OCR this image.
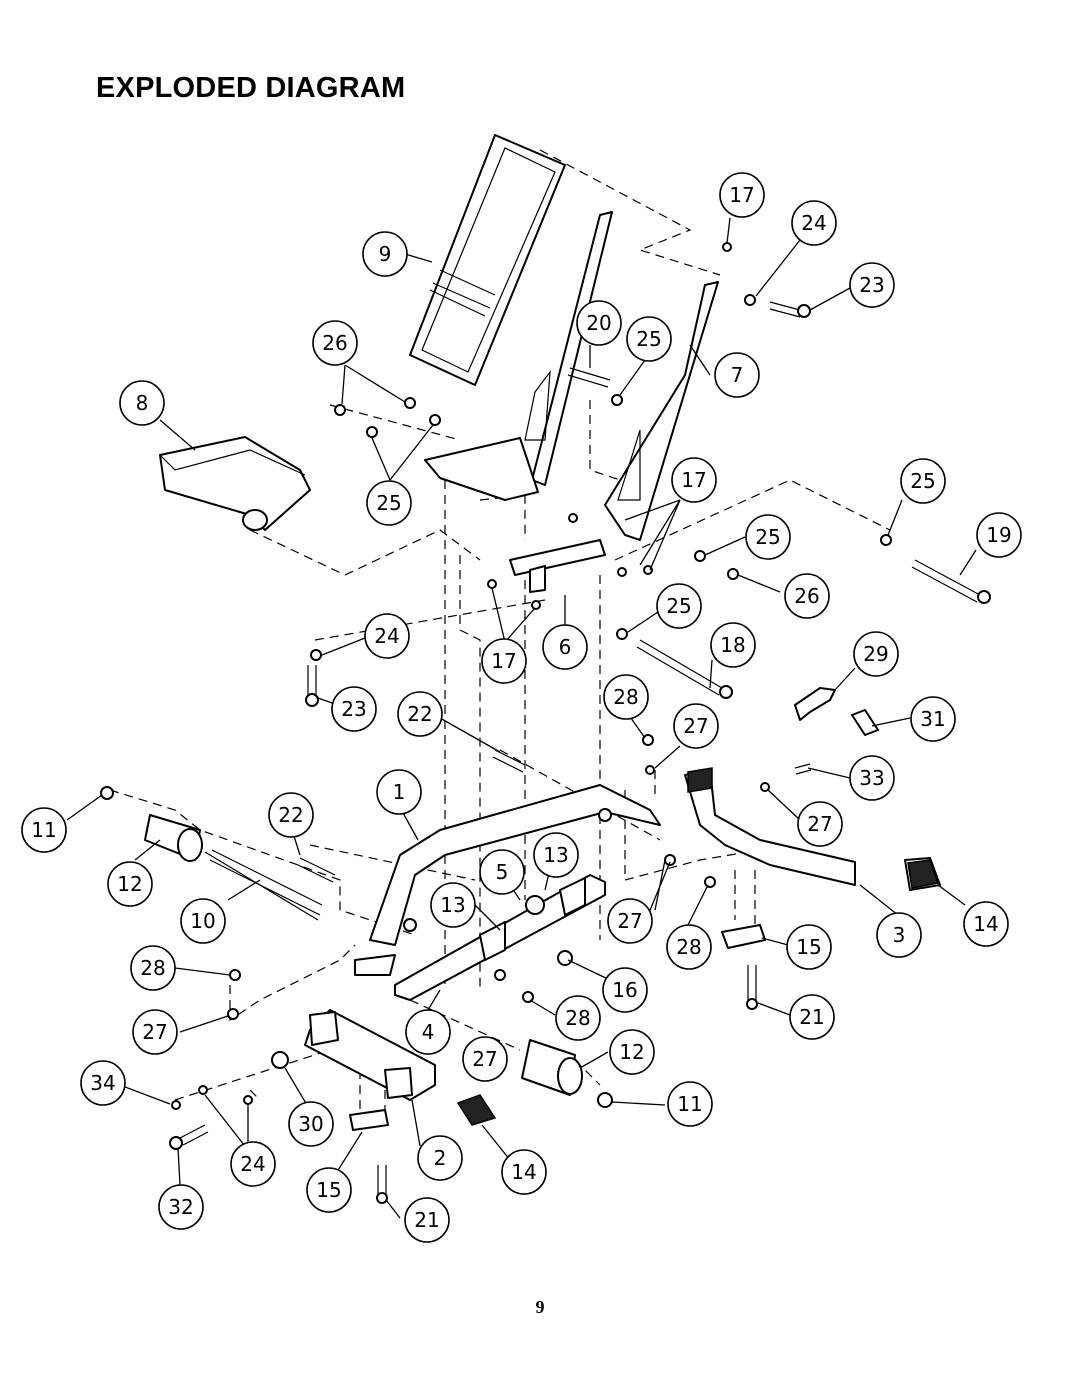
EXPLODED DIAGRAM
17
24
9
23
26
20
25
7
8
17
25
25
19
25
26
24
25
17
6	18	29
23 22
28
27	31
1
33
11
22	27
13
5
12
13
10	27
28
15	3	14
28
16
27	4
28	21
12
34
27
11
30
24	2
14
15
21
32
9
